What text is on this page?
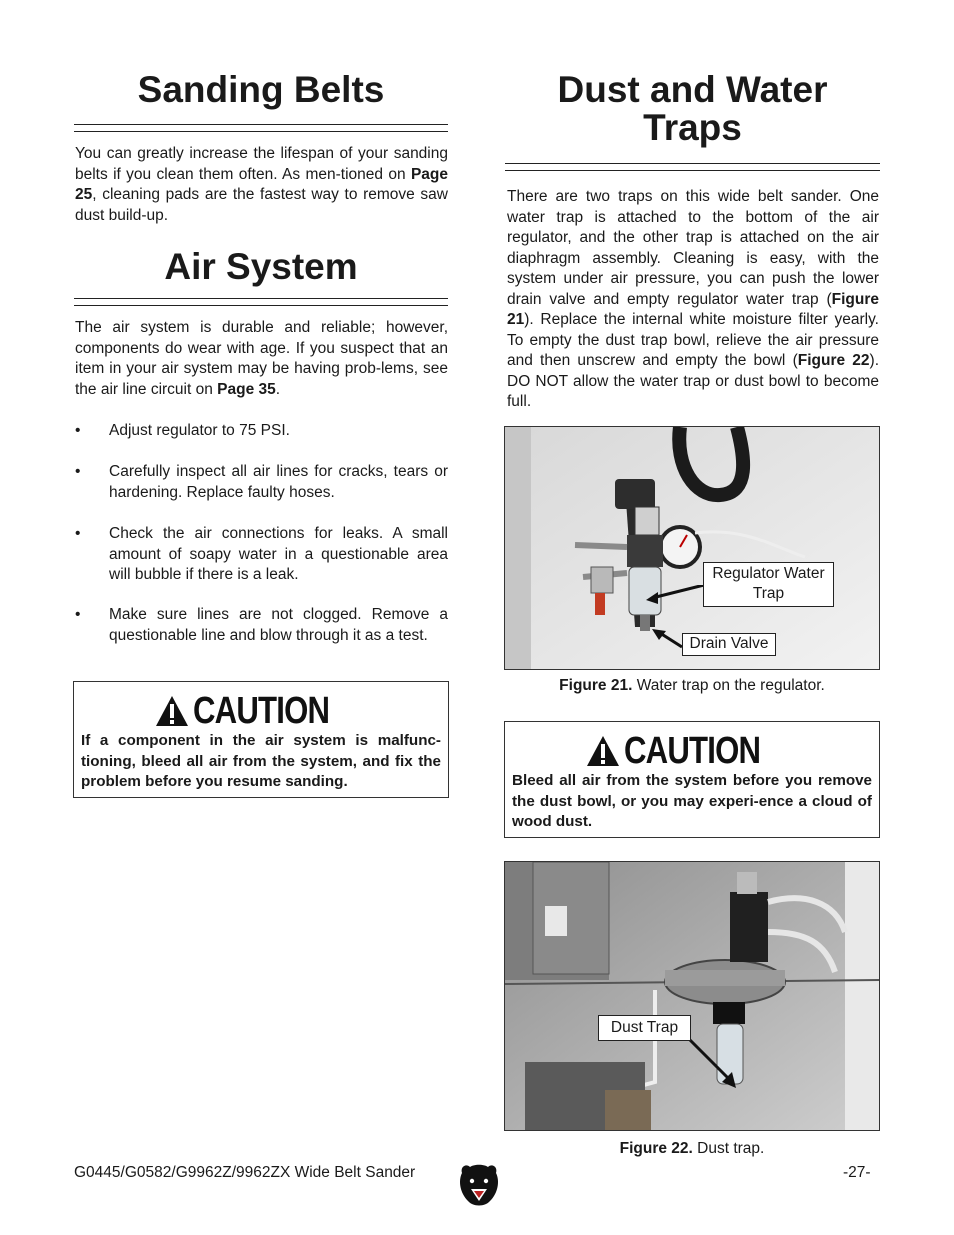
Sanding Belts
You can greatly increase the lifespan of your sanding belts if you clean them often. As men-tioned on Page 25, cleaning pads are the fastest way to remove saw dust build-up.
Air System
The air system is durable and reliable; however, components do wear with age. If you suspect that an item in your air system may be having prob-lems, see the air line circuit on Page 35.
• Adjust regulator to 75 PSI.
• Carefully inspect all air lines for cracks, tears or hardening. Replace faulty hoses.
• Check the air connections for leaks. A small amount of soapy water in a questionable area will bubble if there is a leak.
• Make sure lines are not clogged. Remove a questionable line and blow through it as a test.
CAUTION
If a component in the air system is malfunc-tioning, bleed all air from the system, and fix the problem before you resume sanding.
Dust and Water
Traps
There are two traps on this wide belt sander. One water trap is attached to the bottom of the air regulator, and the other trap is attached on the air diaphragm assembly. Cleaning is easy, with the system under air pressure, you can push the lower drain valve and empty regulator water trap (Figure 21). Replace the internal white moisture filter yearly. To empty the dust trap bowl, relieve the air pressure and then unscrew and empty the bowl (Figure 22). DO NOT allow the water trap or dust bowl to become full.
Regulator Water Trap
Drain Valve
Figure 21. Water trap on the regulator.
CAUTION
Bleed all air from the system before you remove the dust bowl, or you may experi-ence a cloud of wood dust.
Dust Trap
Figure 22. Dust trap.
G0445/G0582/G9962Z/9962ZX Wide Belt Sander	-27-
